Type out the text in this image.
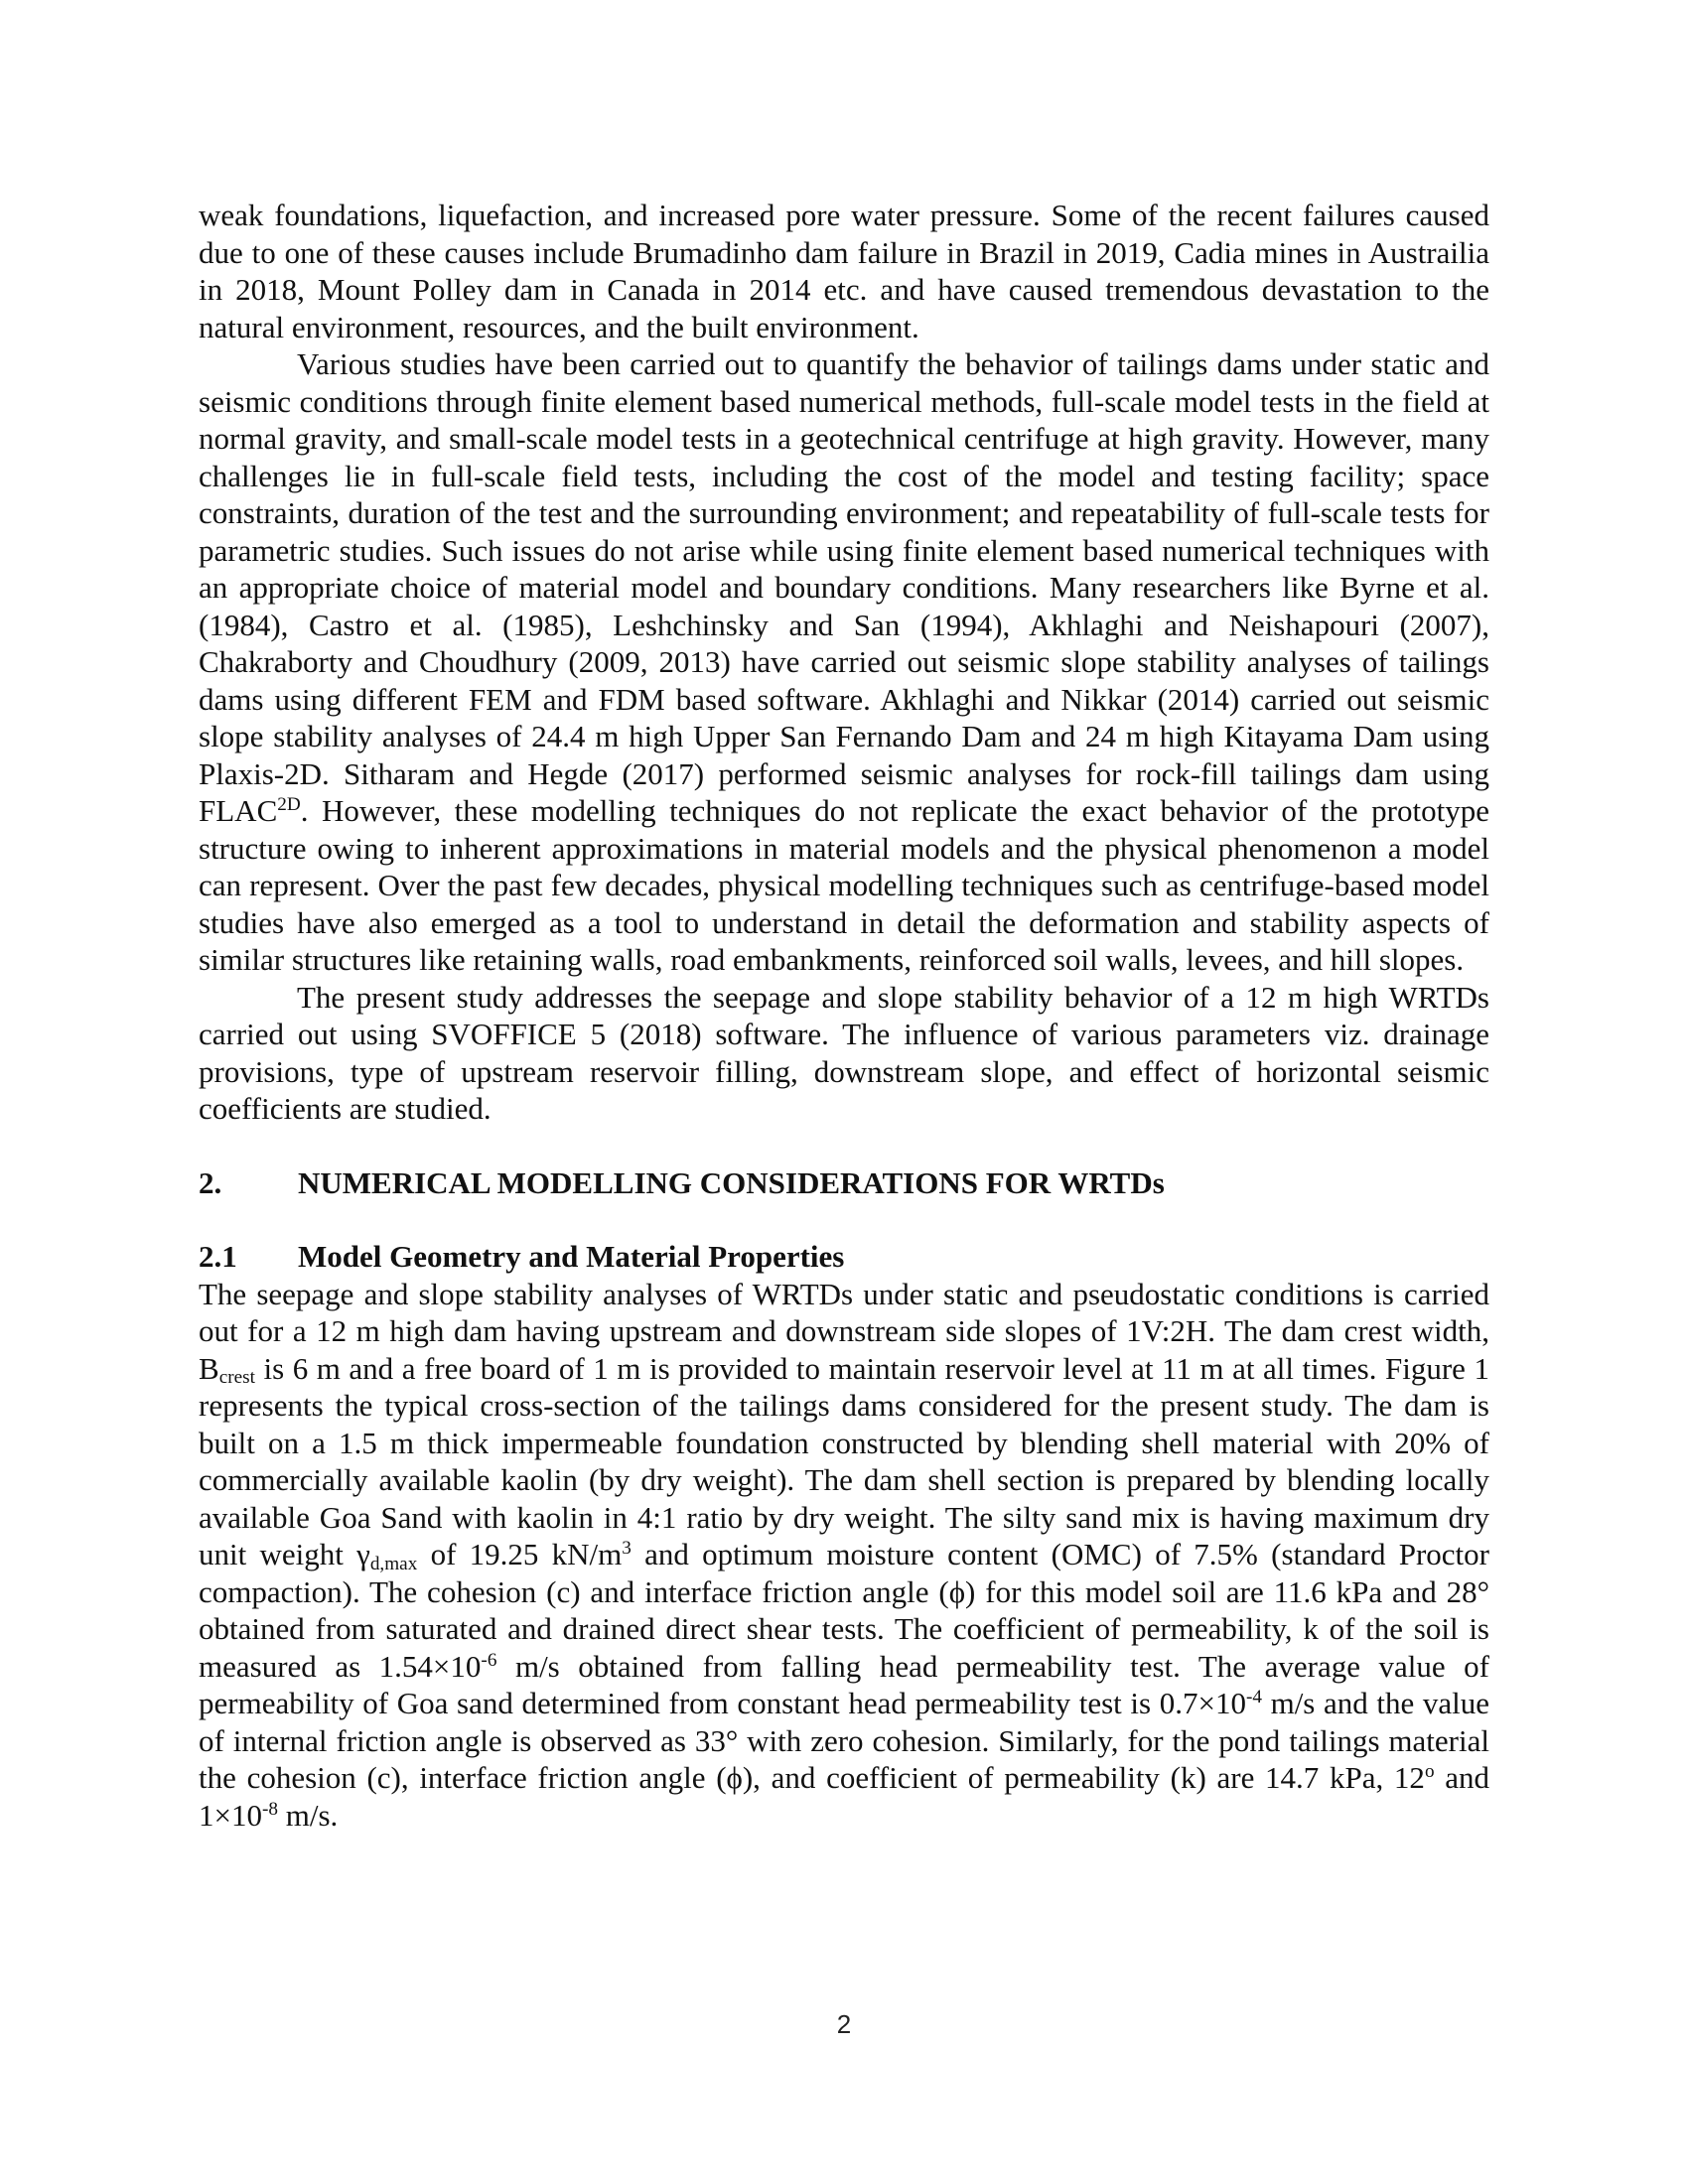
weak foundations, liquefaction, and increased pore water pressure. Some of the recent failures caused due to one of these causes include Brumadinho dam failure in Brazil in 2019, Cadia mines in Austrailia in 2018, Mount Polley dam in Canada in 2014 etc. and have caused tremendous devastation to the natural environment, resources, and the built environment.

Various studies have been carried out to quantify the behavior of tailings dams under static and seismic conditions through finite element based numerical methods, full-scale model tests in the field at normal gravity, and small-scale model tests in a geotechnical centrifuge at high gravity. However, many challenges lie in full-scale field tests, including the cost of the model and testing facility; space constraints, duration of the test and the surrounding environment; and repeatability of full-scale tests for parametric studies. Such issues do not arise while using finite element based numerical techniques with an appropriate choice of material model and boundary conditions. Many researchers like Byrne et al. (1984), Castro et al. (1985), Leshchinsky and San (1994), Akhlaghi and Neishapouri (2007), Chakraborty and Choudhury (2009, 2013) have carried out seismic slope stability analyses of tailings dams using different FEM and FDM based software. Akhlaghi and Nikkar (2014) carried out seismic slope stability analyses of 24.4 m high Upper San Fernando Dam and 24 m high Kitayama Dam using Plaxis-2D. Sitharam and Hegde (2017) performed seismic analyses for rock-fill tailings dam using $FLAC^{2D}$. However, these modelling techniques do not replicate the exact behavior of the prototype structure owing to inherent approximations in material models and the physical phenomenon a model can represent. Over the past few decades, physical modelling techniques such as centrifuge-based model studies have also emerged as a tool to understand in detail the deformation and stability aspects of similar structures like retaining walls, road embankments, reinforced soil walls, levees, and hill slopes.

The present study addresses the seepage and slope stability behavior of a 12 m high WRTDs carried out using SVOFFICE 5 (2018) software. The influence of various parameters viz. drainage provisions, type of upstream reservoir filling, downstream slope, and effect of horizontal seismic coefficients are studied.

2.	NUMERICAL MODELLING CONSIDERATIONS FOR WRTDs
2.1	Model Geometry and Material Properties

The seepage and slope stability analyses of WRTDs under static and pseudostatic conditions is carried out for a 12 m high dam having upstream and downstream side slopes of 1V:2H. The dam crest width, $B_{crest}$ is 6 m and a free board of 1 m is provided to maintain reservoir level at 11 m at all times. Figure 1 represents the typical cross-section of the tailings dams considered for the present study. The dam is built on a 1.5 m thick impermeable foundation constructed by blending shell material with 20% of commercially available kaolin (by dry weight). The dam shell section is prepared by blending locally available Goa Sand with kaolin in 4:1 ratio by dry weight. The silty sand mix is having maximum dry unit weight $\gamma_{d,max}$ of 19.25 $kN/m^3$ and optimum moisture content (OMC) of 7.5% (standard Proctor compaction). The cohesion (c) and interface friction angle (ϕ) for this model soil are 11.6 kPa and 28° obtained from saturated and drained direct shear tests. The coefficient of permeability, k of the soil is measured as $1.54\times 10^{-6}$ m/s obtained from falling head permeability test. The average value of permeability of Goa sand determined from constant head permeability test is $0.7\times 10^{-4}$ m/s and the value of internal friction angle is observed as 33° with zero cohesion. Similarly, for the pond tailings material the cohesion (c), interface friction angle (ϕ), and coefficient of permeability (k) are 14.7 kPa, 12$^o$ and $1\times 10^{-8}$ m/s.

2
